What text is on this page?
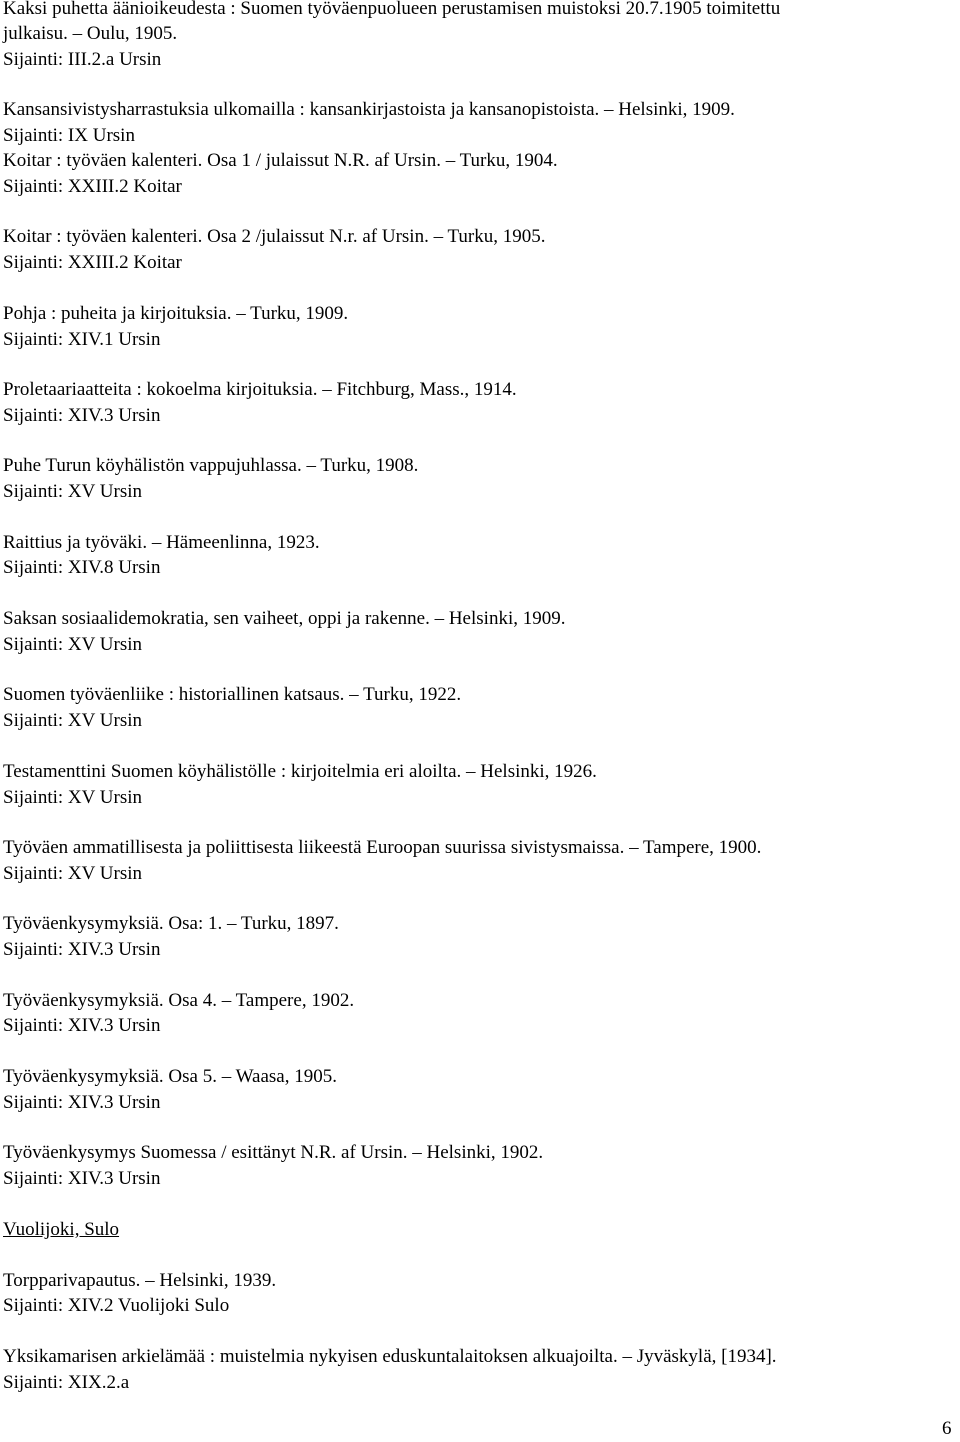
Kaksi puhetta äänioikeudesta : Suomen työväenpuolueen perustamisen muistoksi 20.7.1905 toimitettu
julkaisu. – Oulu, 1905.
Sijainti: III.2.a Ursin
Kansansivistysharrastuksia ulkomailla : kansankirjastoista ja kansanopistoista. – Helsinki, 1909.
Sijainti: IX Ursin
Koitar : työväen kalenteri. Osa 1 / julaissut N.R. af Ursin. – Turku, 1904.
Sijainti: XXIII.2 Koitar
Koitar : työväen kalenteri. Osa 2 /julaissut N.r. af Ursin. – Turku, 1905.
Sijainti: XXIII.2 Koitar
Pohja : puheita ja kirjoituksia. – Turku, 1909.
Sijainti: XIV.1 Ursin
Proletaariaatteita : kokoelma kirjoituksia. – Fitchburg, Mass., 1914.
Sijainti: XIV.3 Ursin
Puhe Turun köyhälistön vappujuhlassa. – Turku, 1908.
Sijainti: XV Ursin
Raittius ja työväki. – Hämeenlinna, 1923.
Sijainti: XIV.8 Ursin
Saksan sosiaalidemokratia, sen vaiheet, oppi ja rakenne. – Helsinki, 1909.
Sijainti: XV Ursin
Suomen työväenliike : historiallinen katsaus. – Turku, 1922.
Sijainti: XV Ursin
Testamenttini Suomen köyhälistölle : kirjoitelmia eri aloilta. – Helsinki, 1926.
Sijainti: XV Ursin
Työväen ammatillisesta ja poliittisesta liikeestä Euroopan suurissa sivistysmaissa. – Tampere, 1900.
Sijainti: XV Ursin
Työväenkysymyksiä. Osa: 1. – Turku, 1897.
Sijainti: XIV.3 Ursin
Työväenkysymyksiä. Osa 4. – Tampere, 1902.
Sijainti: XIV.3 Ursin
Työväenkysymyksiä. Osa 5. – Waasa, 1905.
Sijainti: XIV.3 Ursin
Työväenkysymys Suomessa / esittänyt N.R. af Ursin. – Helsinki, 1902.
Sijainti: XIV.3 Ursin
Vuolijoki, Sulo
Torpparivapautus. – Helsinki, 1939.
Sijainti: XIV.2 Vuolijoki Sulo
Yksikamarisen arkielämää : muistelmia nykyisen eduskuntalaitoksen alkuajoilta. – Jyväskylä, [1934].
Sijainti: XIX.2.a
6
